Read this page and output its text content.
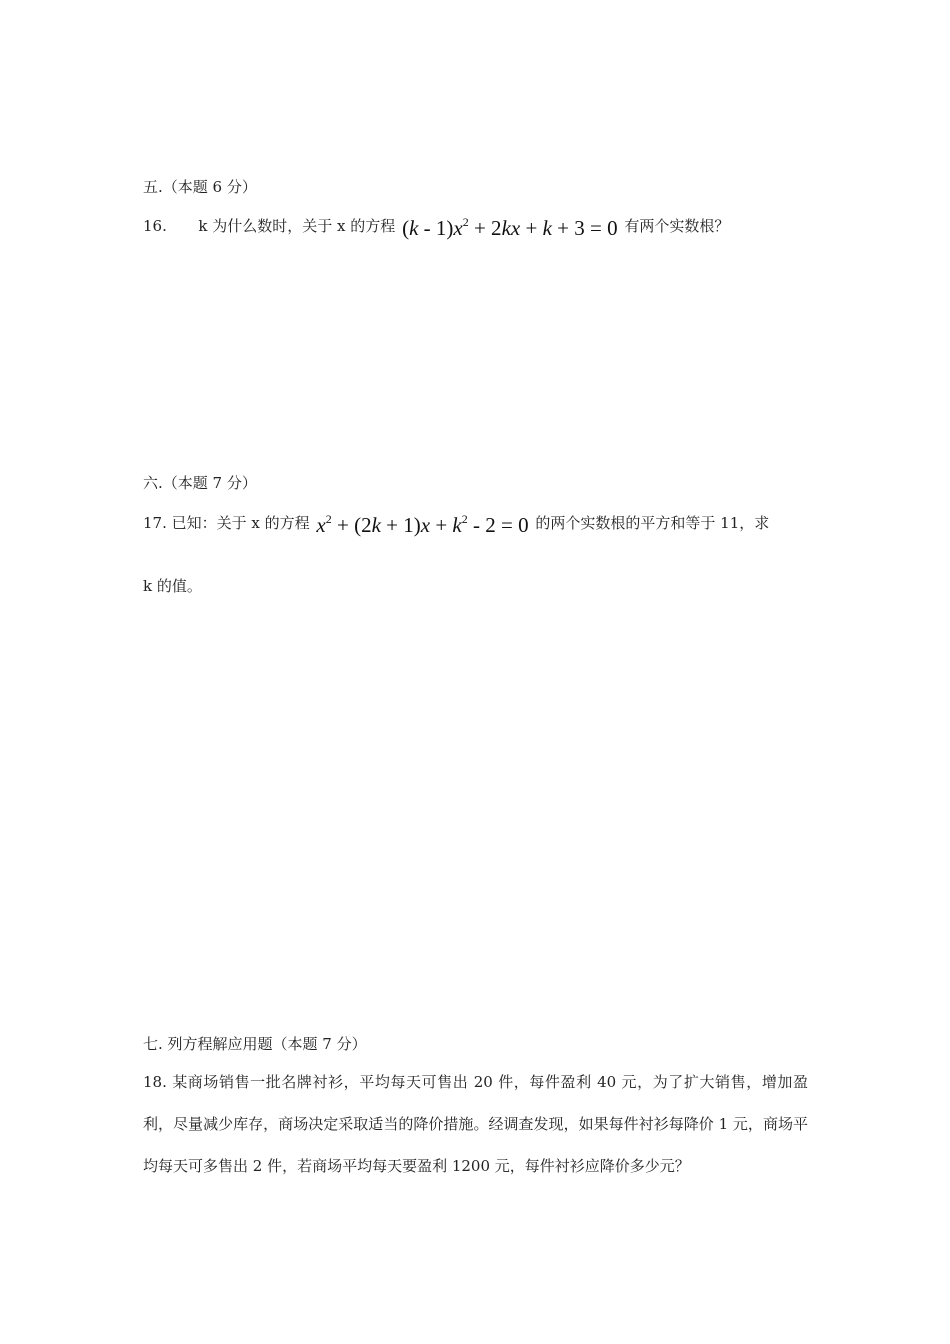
五.（本题 6 分）
16. k 为什么数时，关于 x 的方程 $(k - 1)x^2 + 2kx + k + 3 = 0$ 有两个实数根？
六.（本题 7 分）
17. 已知：关于 x 的方程 $x^2 + (2k + 1)x + k^2 - 2 = 0$ 的两个实数根的平方和等于 11，求
k 的值。
七. 列方程解应用题（本题 7 分）
18. 某商场销售一批名牌衬衫，平均每天可售出 20 件，每件盈利 40 元，为了扩大销售，增加盈利，尽量减少库存，商场决定采取适当的降价措施。经调查发现，如果每件衬衫每降价 1 元，商场平均每天可多售出 2 件，若商场平均每天要盈利 1200 元，每件衬衫应降价多少元？
